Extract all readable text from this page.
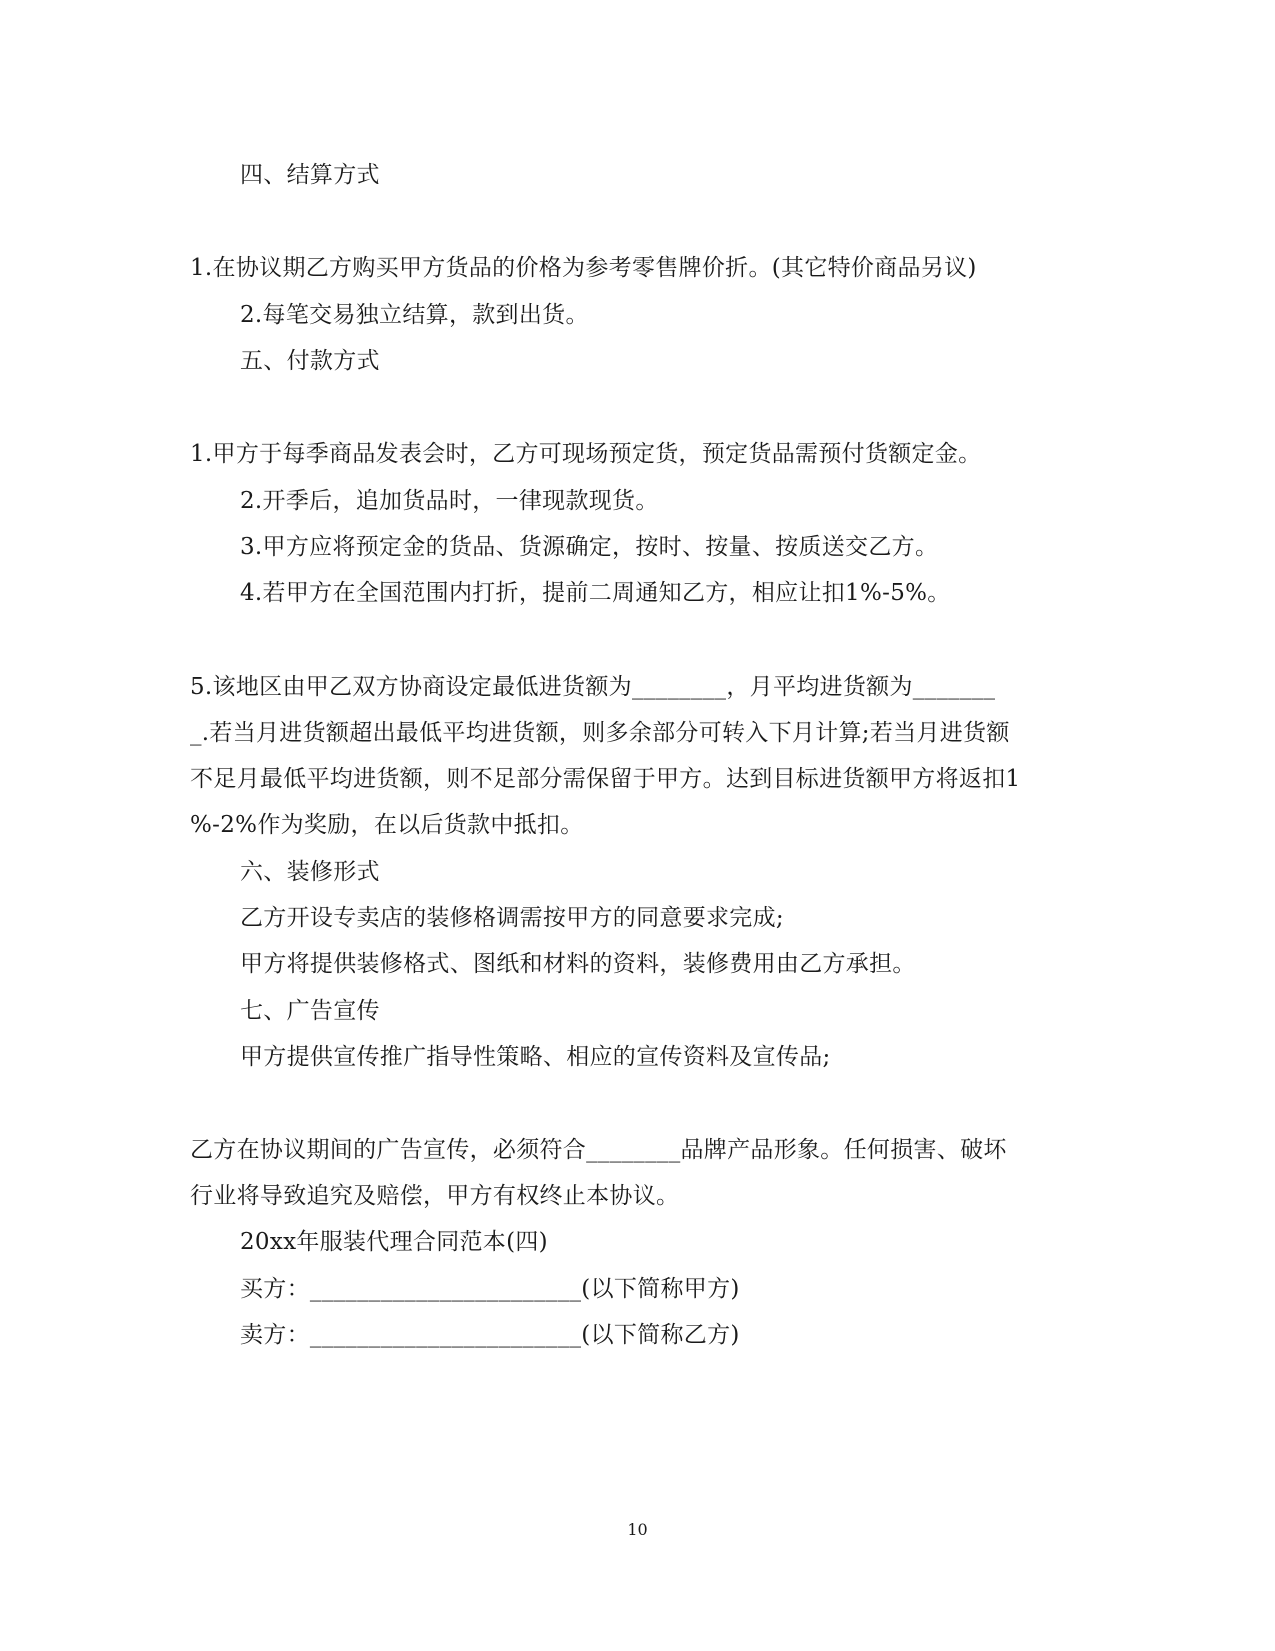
四、结算方式
1.在协议期乙方购买甲方货品的价格为参考零售牌价折。(其它特价商品另议)
2.每笔交易独立结算，款到出货。
五、付款方式
1.甲方于每季商品发表会时，乙方可现场预定货，预定货品需预付货额定金。
2.开季后，追加货品时，一律现款现货。
3.甲方应将预定金的货品、货源确定，按时、按量、按质送交乙方。
4.若甲方在全国范围内打折，提前二周通知乙方，相应让扣1%-5%。
5.该地区由甲乙双方协商设定最低进货额为________，月平均进货额为_______
_.若当月进货额超出最低平均进货额，则多余部分可转入下月计算;若当月进货额
不足月最低平均进货额，则不足部分需保留于甲方。达到目标进货额甲方将返扣1
%-2%作为奖励，在以后货款中抵扣。
六、装修形式
乙方开设专卖店的装修格调需按甲方的同意要求完成;
甲方将提供装修格式、图纸和材料的资料，装修费用由乙方承担。
七、广告宣传
甲方提供宣传推广指导性策略、相应的宣传资料及宣传品;
乙方在协议期间的广告宣传，必须符合________品牌产品形象。任何损害、破坏
行业将导致追究及赔偿，甲方有权终止本协议。
20xx年服装代理合同范本(四)
买方：_______________________(以下简称甲方)
卖方：_______________________(以下简称乙方)
10
